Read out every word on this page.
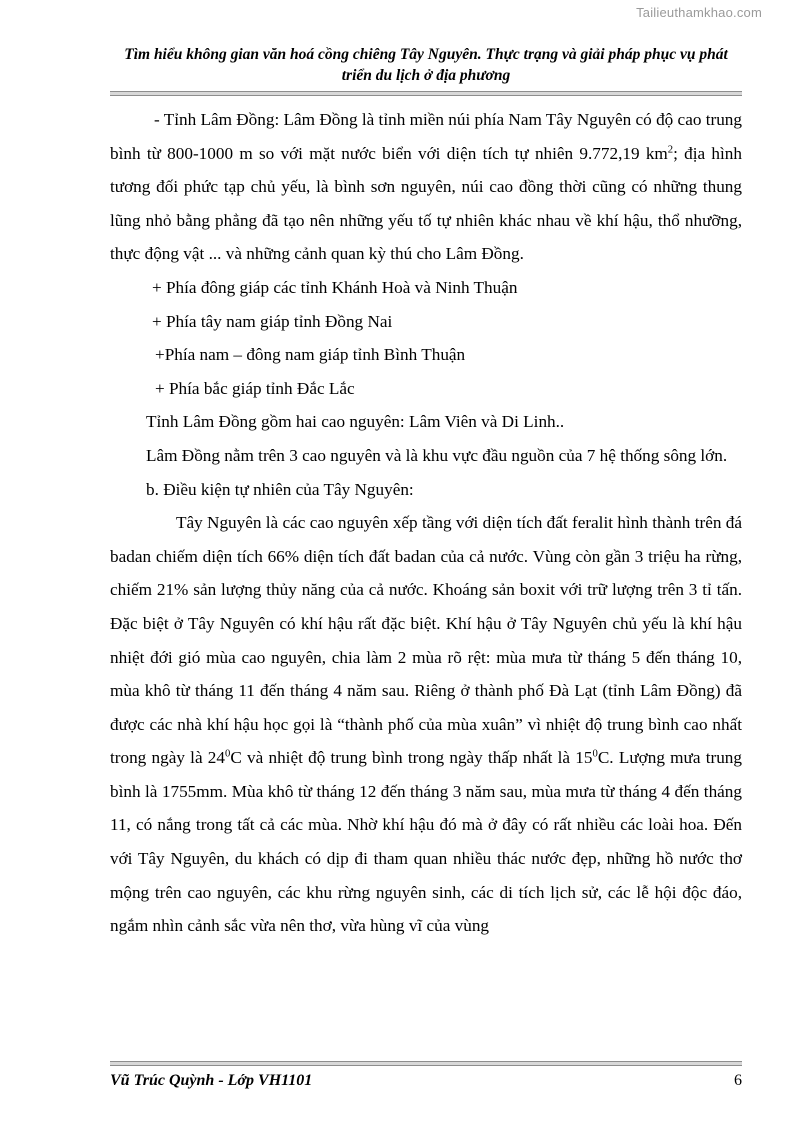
Tailieuthamkhao.com

Tìm hiểu không gian văn hoá cồng chiêng Tây Nguyên. Thực trạng và giải pháp phục vụ phát triển du lịch ở địa phương

- Tỉnh Lâm Đồng: Lâm Đồng là tỉnh miền núi phía Nam Tây Nguyên có độ cao trung bình từ 800-1000 m so với mặt nước biển với diện tích tự nhiên 9.772,19 $km^2$; địa hình tương đối phức tạp chủ yếu, là bình sơn nguyên, núi cao đồng thời cũng có những thung lũng nhỏ bằng phẳng đã tạo nên những yếu tố tự nhiên khác nhau về khí hậu, thổ nhưỡng, thực động vật ... và những cảnh quan kỳ thú cho Lâm Đồng.

+ Phía đông giáp các tỉnh Khánh Hoà và Ninh Thuận

+ Phía tây nam giáp tỉnh Đồng Nai

+Phía nam – đông nam giáp tỉnh Bình Thuận

+ Phía bắc giáp tỉnh Đắc Lắc

Tỉnh Lâm Đồng gồm hai cao nguyên: Lâm Viên và Di Linh..

Lâm Đồng nằm trên 3 cao nguyên và là khu vực đầu nguồn của 7 hệ thống sông lớn.

b. Điều kiện tự nhiên của Tây Nguyên:

Tây Nguyên là các cao nguyên xếp tầng với diện tích đất feralit hình thành trên đá badan chiếm diện tích 66% diện tích đất badan của cả nước. Vùng còn gần 3 triệu ha rừng, chiếm 21% sản lượng thủy năng của cả nước. Khoáng sản boxit với trữ lượng trên 3 tỉ tấn. Đặc biệt ở Tây Nguyên có khí hậu rất đặc biệt. Khí hậu ở Tây Nguyên chủ yếu là khí hậu nhiệt đới gió mùa cao nguyên, chia làm 2 mùa rõ rệt: mùa mưa từ tháng 5 đến tháng 10, mùa khô từ tháng 11 đến tháng 4 năm sau. Riêng ở thành phố Đà Lạt (tỉnh Lâm Đồng) đã được các nhà khí hậu học gọi là “thành phố của mùa xuân” vì nhiệt độ trung bình cao nhất trong ngày là $24^0C$ và nhiệt độ trung bình trong ngày thấp nhất là $15^0C$. Lượng mưa trung bình là 1755mm. Mùa khô từ tháng 12 đến tháng 3 năm sau, mùa mưa từ tháng 4 đến tháng 11, có nắng trong tất cả các mùa. Nhờ khí hậu đó mà ở đây có rất nhiều các loài hoa. Đến với Tây Nguyên, du khách có dịp đi tham quan nhiều thác nước đẹp, những hồ nước thơ mộng trên cao nguyên, các khu rừng nguyên sinh, các di tích lịch sử, các lễ hội độc đáo, ngắm nhìn cảnh sắc vừa nên thơ, vừa hùng vĩ của vùng

Vũ Trúc Quỳnh - Lớp VH1101	6
